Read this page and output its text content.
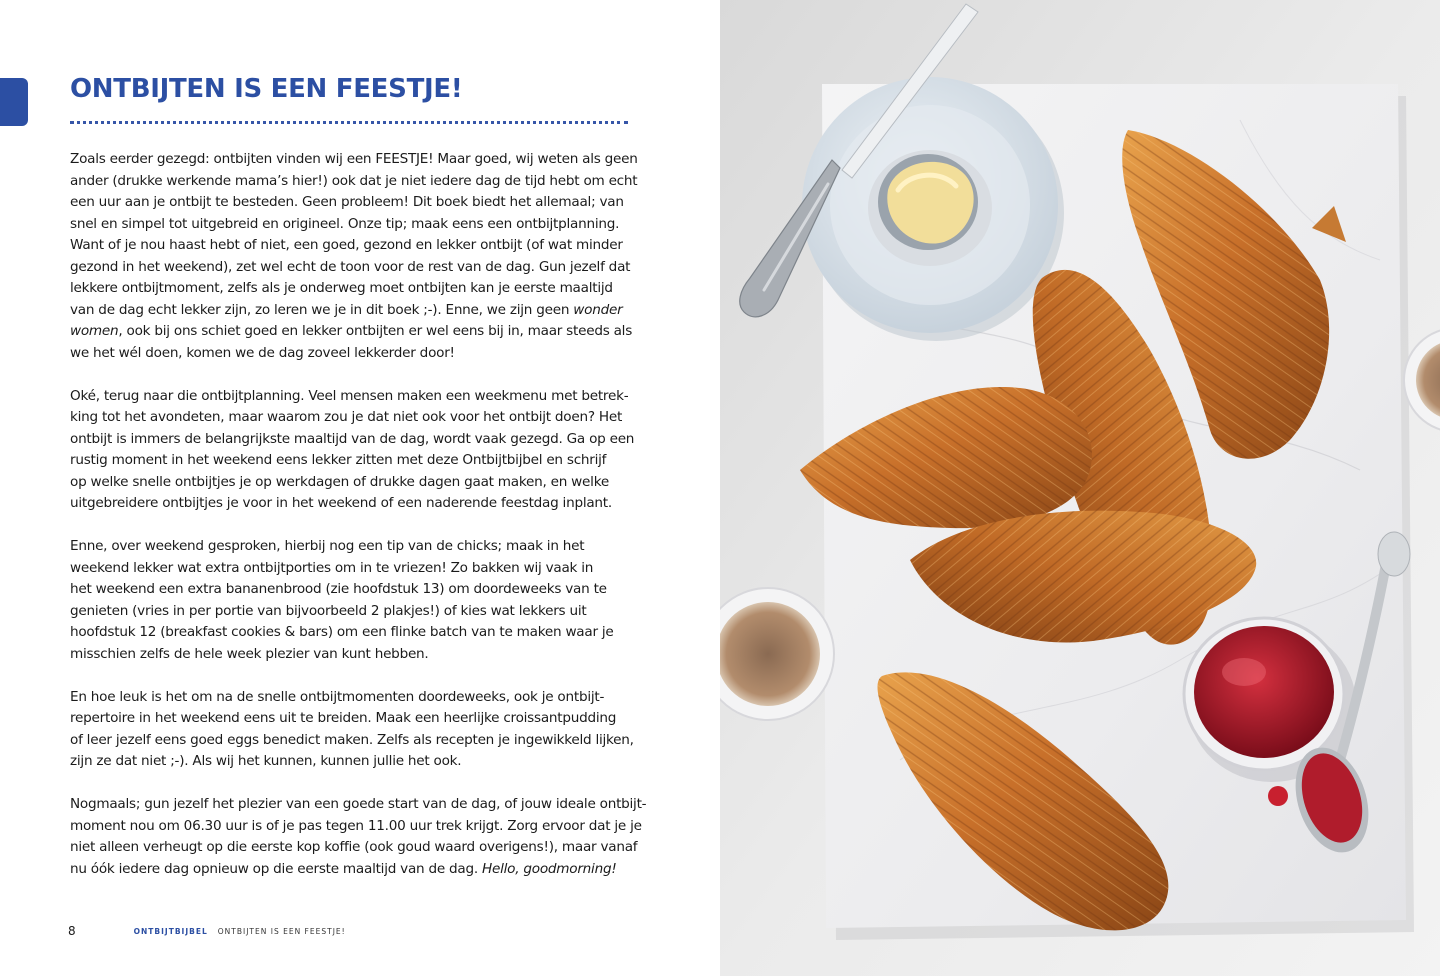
ONTBIJTEN IS EEN FEESTJE!

Zoals eerder gezegd: ontbijten vinden wij een FEESTJE! Maar goed, wij weten als geen
ander (drukke werkende mama’s hier!) ook dat je niet iedere dag de tijd hebt om echt
een uur aan je ontbijt te besteden. Geen probleem! Dit boek biedt het allemaal; van
snel en simpel tot uitgebreid en origineel. Onze tip; maak eens een ontbijtplanning.
Want of je nou haast hebt of niet, een goed, gezond en lekker ontbijt (of wat minder
gezond in het weekend), zet wel echt de toon voor de rest van de dag. Gun jezelf dat
lekkere ontbijtmoment, zelfs als je onderweg moet ontbijten kan je eerste maaltijd
van de dag echt lekker zijn, zo leren we je in dit boek ;-). Enne, we zijn geen wonder
women, ook bij ons schiet goed en lekker ontbijten er wel eens bij in, maar steeds als
we het wél doen, komen we de dag zoveel lekkerder door!

Oké, terug naar die ontbijtplanning. Veel mensen maken een weekmenu met betrek-
king tot het avondeten, maar waarom zou je dat niet ook voor het ontbijt doen? Het
ontbijt is immers de belangrijkste maaltijd van de dag, wordt vaak gezegd. Ga op een
rustig moment in het weekend eens lekker zitten met deze Ontbijtbijbel en schrijf
op welke snelle ontbijtjes je op werkdagen of drukke dagen gaat maken, en welke
uitgebreidere ontbijtjes je voor in het weekend of een naderende feestdag inplant.

Enne, over weekend gesproken, hierbij nog een tip van de chicks; maak in het
weekend lekker wat extra ontbijtporties om in te vriezen! Zo bakken wij vaak in
het weekend een extra bananenbrood (zie hoofdstuk 13) om doordeweeks van te
genieten (vries in per portie van bijvoorbeeld 2 plakjes!) of kies wat lekkers uit
hoofdstuk 12 (breakfast cookies & bars) om een flinke batch van te maken waar je
misschien zelfs de hele week plezier van kunt hebben.

En hoe leuk is het om na de snelle ontbijtmomenten doordeweeks, ook je ontbijt-
repertoire in het weekend eens uit te breiden. Maak een heerlijke croissantpudding
of leer jezelf eens goed eggs benedict maken. Zelfs als recepten je ingewikkeld lijken,
zijn ze dat niet ;-). Als wij het kunnen, kunnen jullie het ook.

Nogmaals; gun jezelf het plezier van een goede start van de dag, of jouw ideale ontbijt-
moment nou om 06.30 uur is of je pas tegen 11.00 uur trek krijgt. Zorg ervoor dat je je
niet alleen verheugt op die eerste kop koffie (ook goud waard overigens!), maar vanaf
nu óók iedere dag opnieuw op die eerste maaltijd van de dag. Hello, goodmorning!

8	ONTBIJTBIJBEL ONTBIJTEN IS EEN FEESTJE!
